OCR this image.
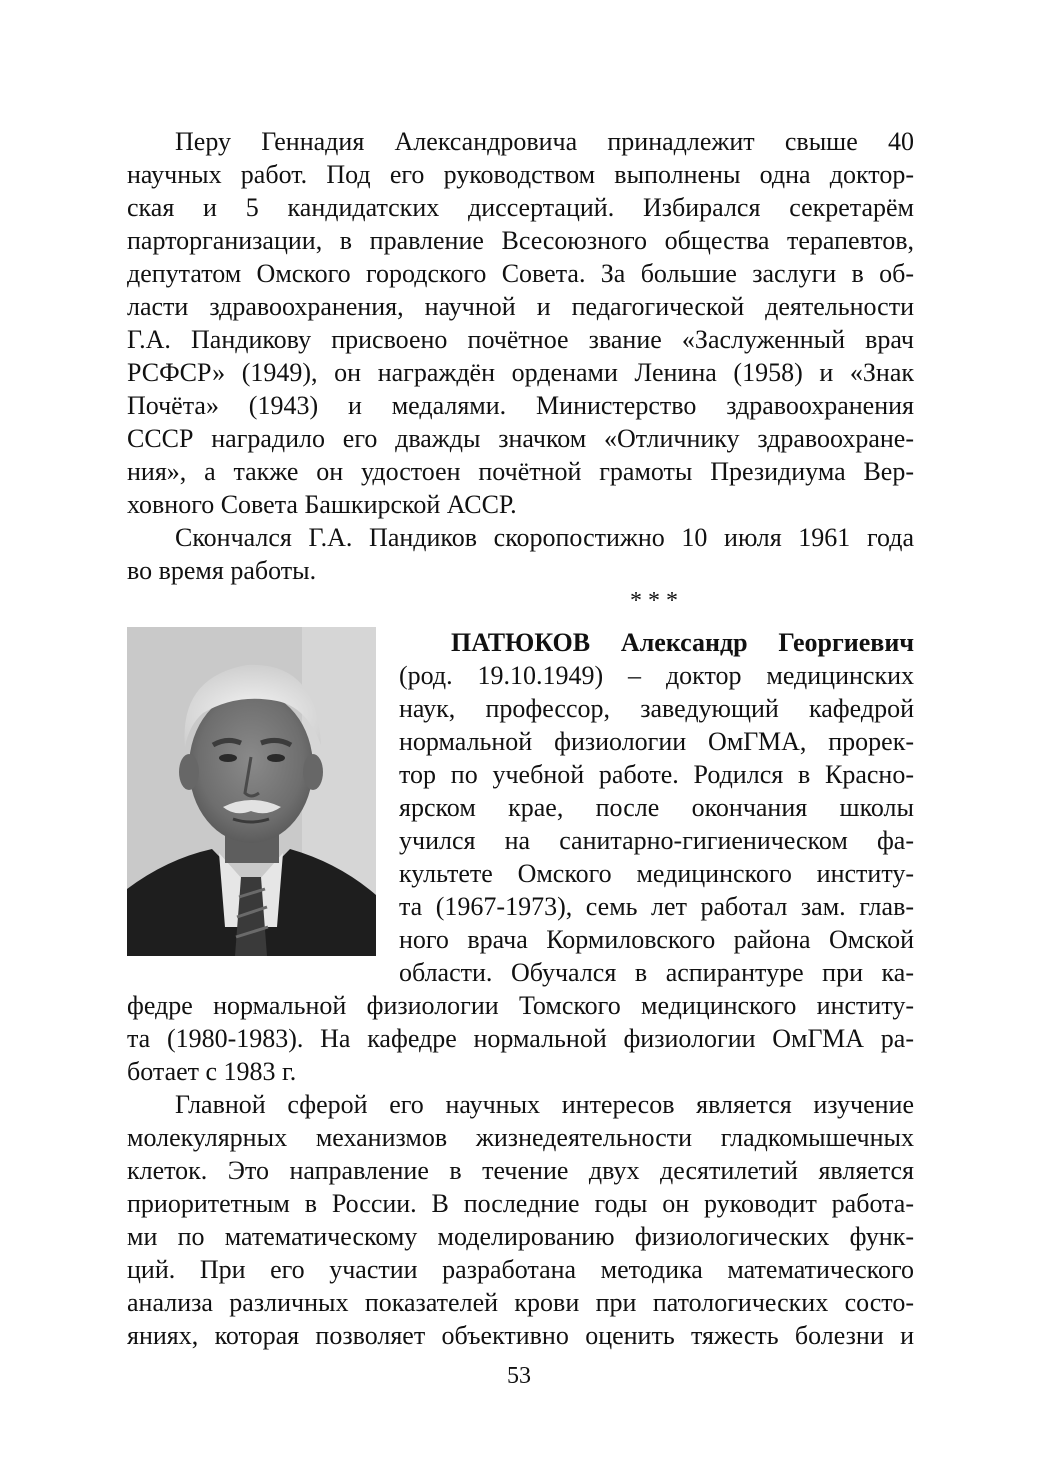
Перу Геннадия Александровича принадлежит свыше 40

научных работ. Под его руководством выполнены одна доктор-

ская и 5 кандидатских диссертаций. Избирался секретарём

парторганизации, в правление Всесоюзного общества терапевтов,

депутатом Омского городского Совета. За большие заслуги в об-

ласти здравоохранения, научной и педагогической деятельности

Г.А. Пандикову присвоено почётное звание «Заслуженный врач

РСФСР» (1949), он награждён орденами Ленина (1958) и «Знак

Почёта» (1943) и медалями. Министерство здравоохранения

СССР наградило его дважды значком «Отличнику здравоохране-

ния», а также он удостоен почётной грамоты Президиума Вер-

ховного Совета Башкирской АССР.

Скончался Г.А. Пандиков скоропостижно 10 июля 1961 года

во время работы.

* * *

ПАТЮКОВ Александр Георгиевич

(род. 19.10.1949) – доктор медицинских

наук, профессор, заведующий кафедрой

нормальной физиологии ОмГМА, прорек-

тор по учебной работе. Родился в Красно-

ярском крае, после окончания школы

учился на санитарно-гигиеническом фа-

культете Омского медицинского институ-

та (1967-1973), семь лет работал зам. глав-

ного врача Кормиловского района Омской

области. Обучался в аспирантуре при ка-

федре нормальной физиологии Томского медицинского институ-

та (1980-1983). На кафедре нормальной физиологии ОмГМА ра-

ботает с 1983 г.

Главной сферой его научных интересов является изучение

молекулярных механизмов жизнедеятельности гладкомышечных

клеток. Это направление в течение двух десятилетий является

приоритетным в России. В последние годы он руководит работа-

ми по математическому моделированию физиологических функ-

ций. При его участии разработана методика математического

анализа различных показателей крови при патологических состо-

яниях, которая позволяет объективно оценить тяжесть болезни и

53
